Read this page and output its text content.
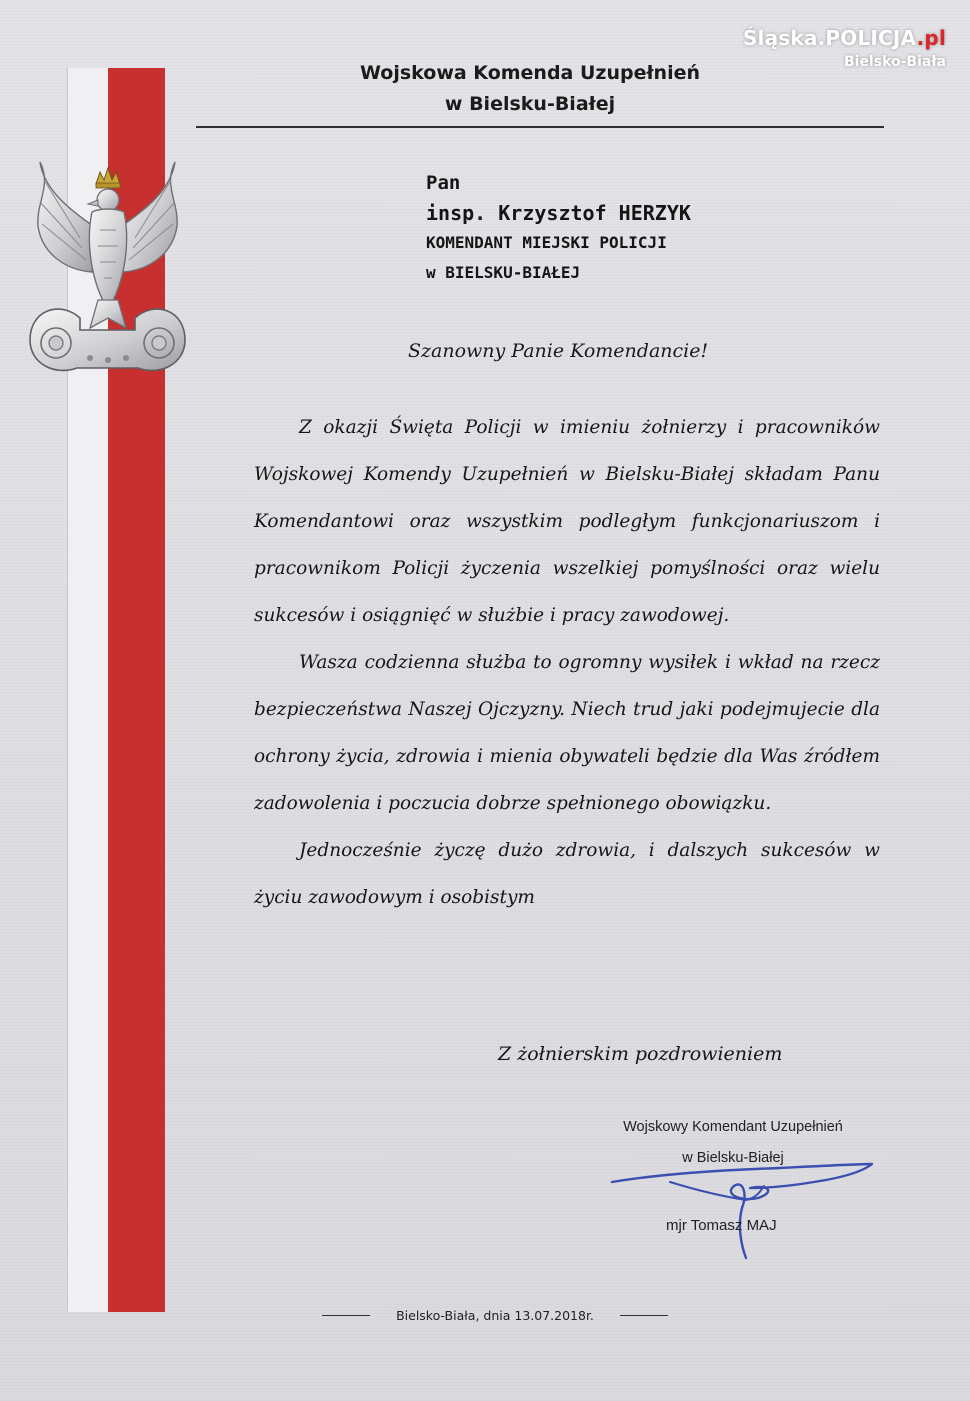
Śląska.POLICJA.pl
Bielsko-Biała
Wojskowa Komenda Uzupełnień
w Bielsku-Białej
Pan
insp. Krzysztof HERZYK
KOMENDANT MIEJSKI POLICJI
w BIELSKU-BIAŁEJ
Szanowny Panie Komendancie!

Z okazji Święta Policji w imieniu żołnierzy i pracowników Wojskowej Komendy Uzupełnień w Bielsku-Białej składam Panu Komendantowi oraz wszystkim podległym funkcjonariuszom i pracownikom Policji życzenia wszelkiej pomyślności oraz wielu sukcesów i osiągnięć w służbie i pracy zawodowej.

Wasza codzienna służba to ogromny wysiłek i wkład na rzecz bezpieczeństwa Naszej Ojczyzny. Niech trud jaki podejmujecie dla ochrony życia, zdrowia i mienia obywateli będzie dla Was źródłem zadowolenia i poczucia dobrze spełnionego obowiązku.

Jednocześnie życzę dużo zdrowia, i dalszych sukcesów w życiu zawodowym i osobistym

Z żołnierskim pozdrowieniem
Wojskowy Komendant Uzupełnień
w Bielsku-Białej
mjr Tomasz MAJ
Bielsko-Biała, dnia 13.07.2018r.
